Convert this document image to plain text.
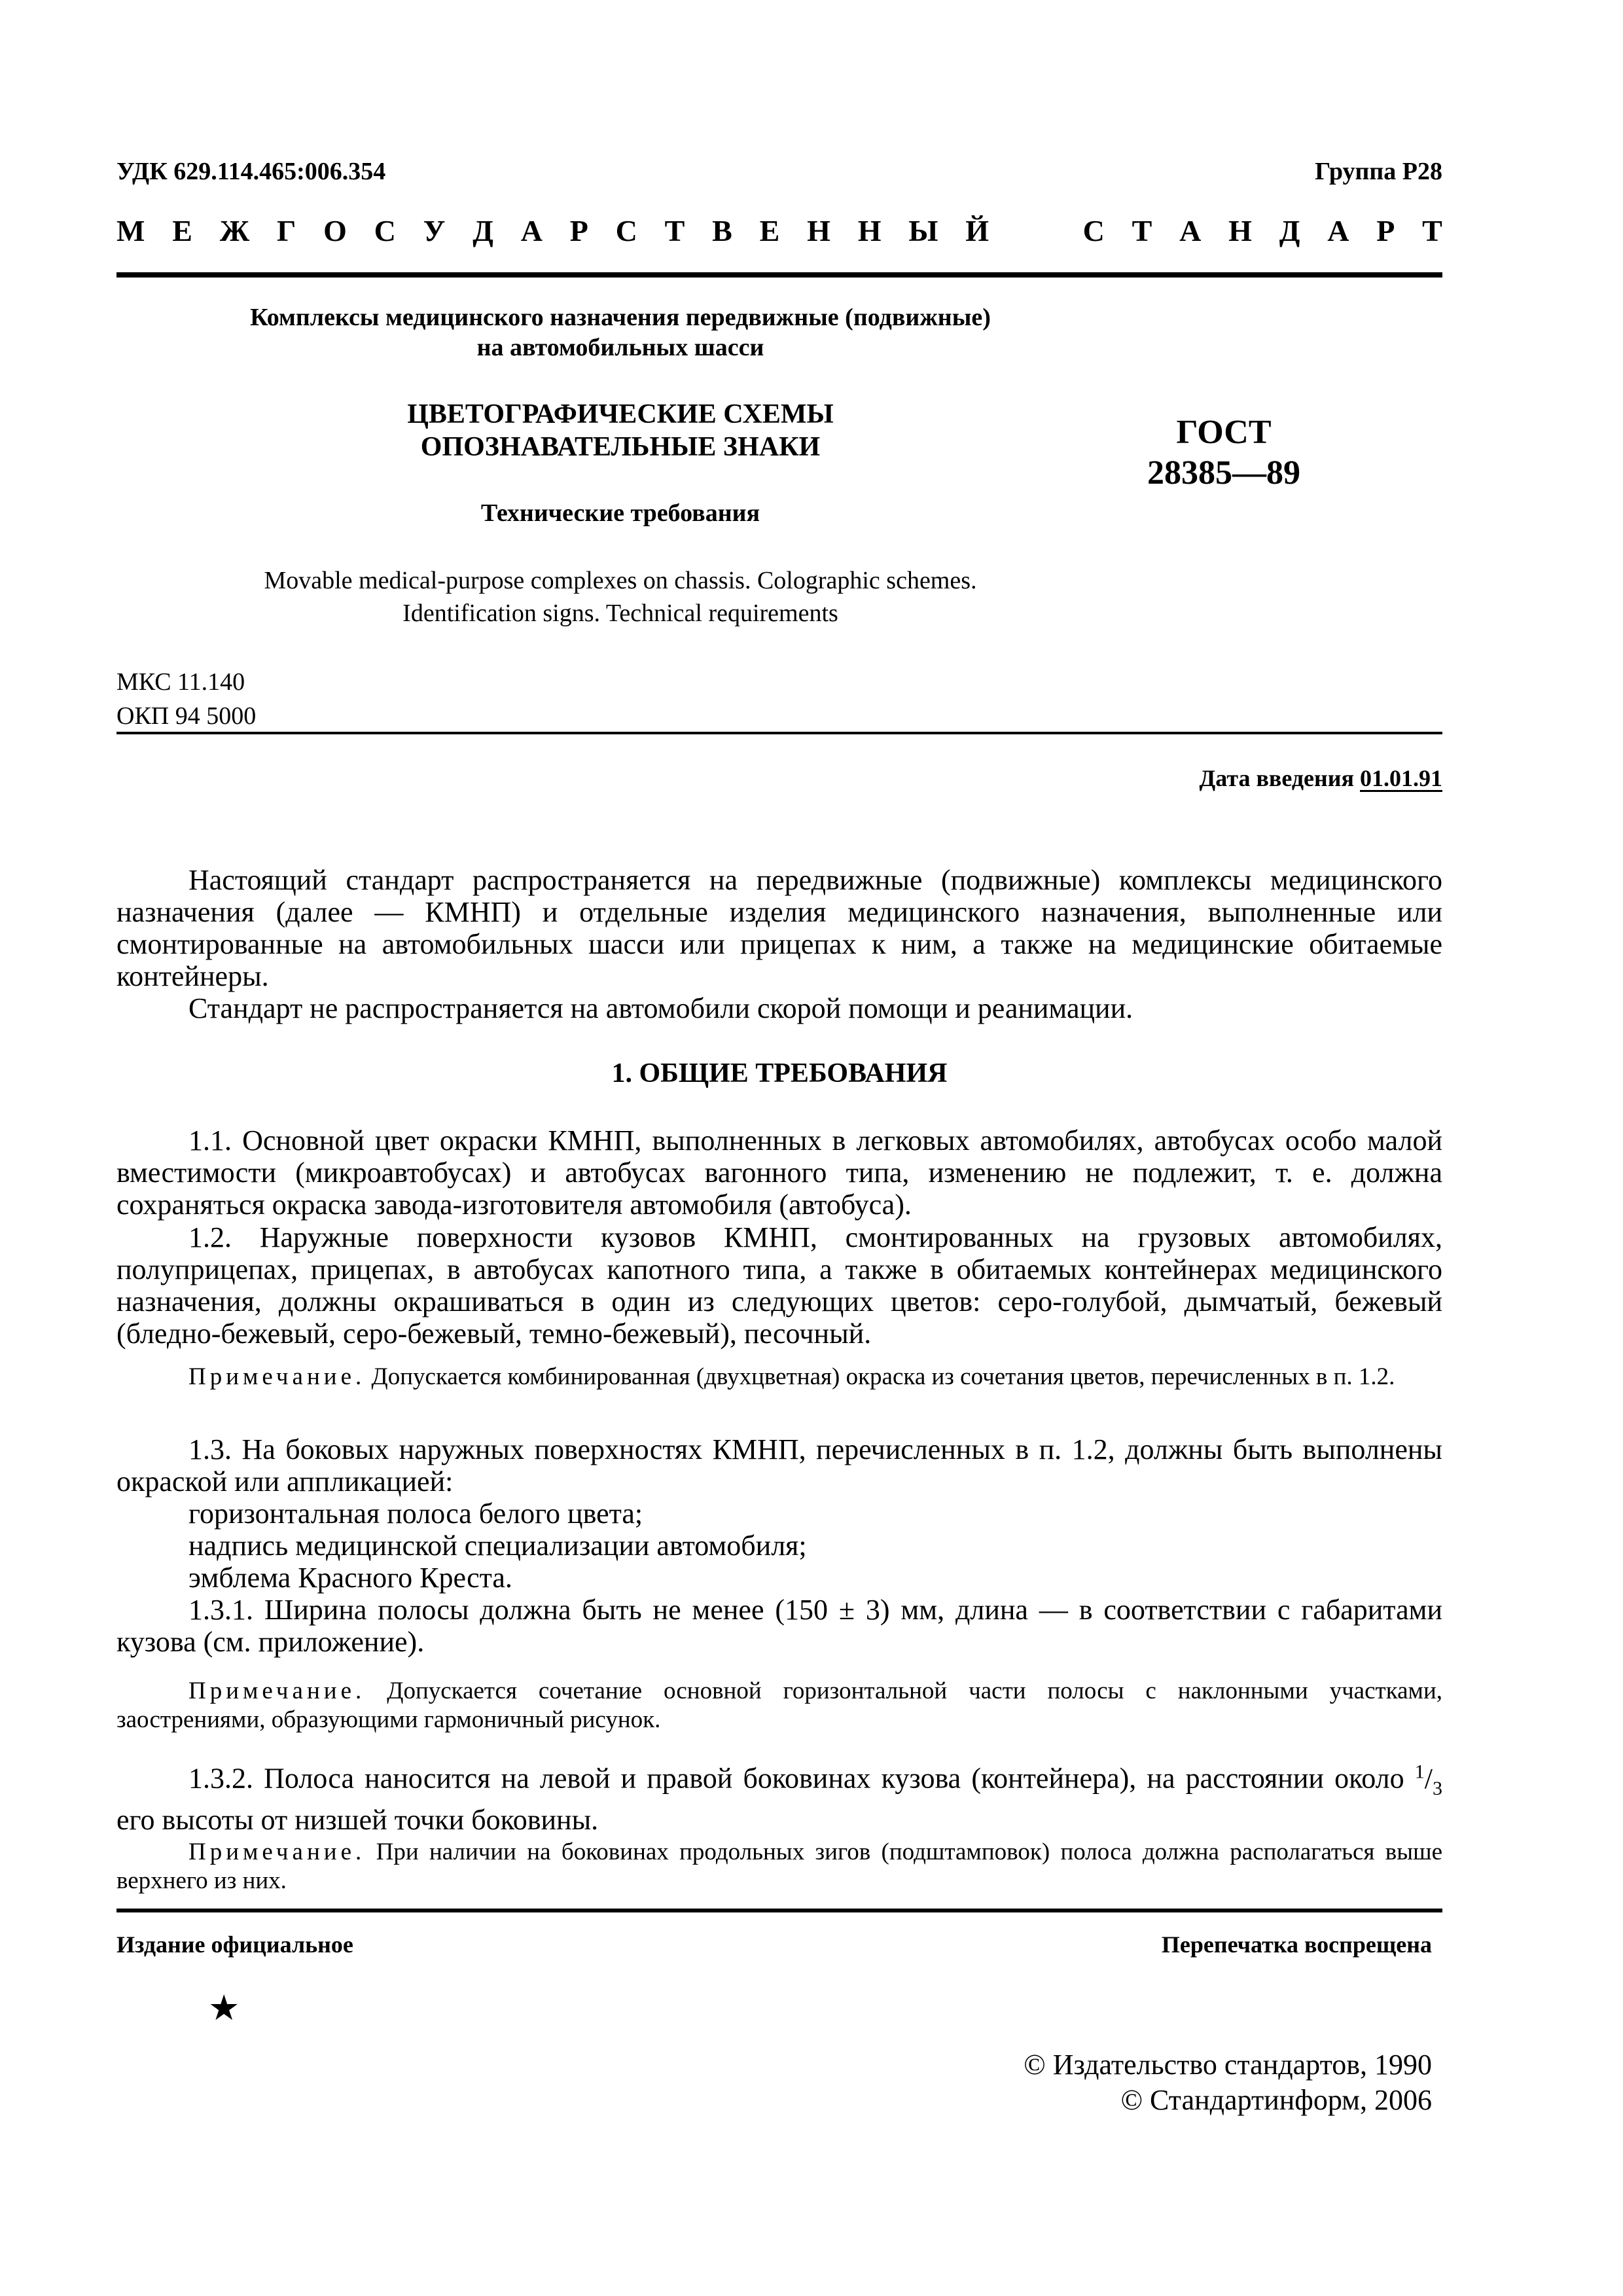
УДК 629.114.465:006.354	Группа Р28
М Е Ж Г О С У Д А Р С Т В Е Н Н Ы Й	С Т А Н Д А Р Т
Комплексы медицинского назначения передвижные (подвижные)
на автомобильных шасси
ЦВЕТОГРАФИЧЕСКИЕ СХЕМЫ
ОПОЗНАВАТЕЛЬНЫЕ ЗНАКИ
Технические требования
Movable medical-purpose complexes on chassis. Colographic schemes.
Identification signs. Technical requirements
ГОСТ
28385—89
МКС 11.140
ОКП 94 5000
Дата введения 01.01.91
Настоящий стандарт распространяется на передвижные (подвижные) комплексы медицинского назначения (далее — КМНП) и отдельные изделия медицинского назначения, выполненные или смонтированные на автомобильных шасси или прицепах к ним, а также на медицинские обитаемые контейнеры.
Стандарт не распространяется на автомобили скорой помощи и реанимации.
1. ОБЩИЕ ТРЕБОВАНИЯ
1.1. Основной цвет окраски КМНП, выполненных в легковых автомобилях, автобусах особо малой вместимости (микроавтобусах) и автобусах вагонного типа, изменению не подлежит, т. е. должна сохраняться окраска завода-изготовителя автомобиля (автобуса).
1.2. Наружные поверхности кузовов КМНП, смонтированных на грузовых автомобилях, полуприцепах, прицепах, в автобусах капотного типа, а также в обитаемых контейнерах медицинского назначения, должны окрашиваться в один из следующих цветов: серо-голубой, дымчатый, бежевый (бледно-бежевый, серо-бежевый, темно-бежевый), песочный.
Примечание. Допускается комбинированная (двухцветная) окраска из сочетания цветов, перечисленных в п. 1.2.
1.3. На боковых наружных поверхностях КМНП, перечисленных в п. 1.2, должны быть выполнены окраской или аппликацией:
горизонтальная полоса белого цвета;
надпись медицинской специализации автомобиля;
эмблема Красного Креста.
1.3.1. Ширина полосы должна быть не менее (150 ± 3) мм, длина — в соответствии с габаритами кузова (см. приложение).
Примечание. Допускается сочетание основной горизонтальной части полосы с наклонными участками, заострениями, образующими гармоничный рисунок.
1.3.2. Полоса наносится на левой и правой боковинах кузова (контейнера), на расстоянии около $^1/_3$ его высоты от низшей точки боковины.
Примечание. При наличии на боковинах продольных зигов (подштамповок) полоса должна располагаться выше верхнего из них.
Издание официальное	Перепечатка воспрещена
★
© Издательство стандартов, 1990
© Стандартинформ, 2006
